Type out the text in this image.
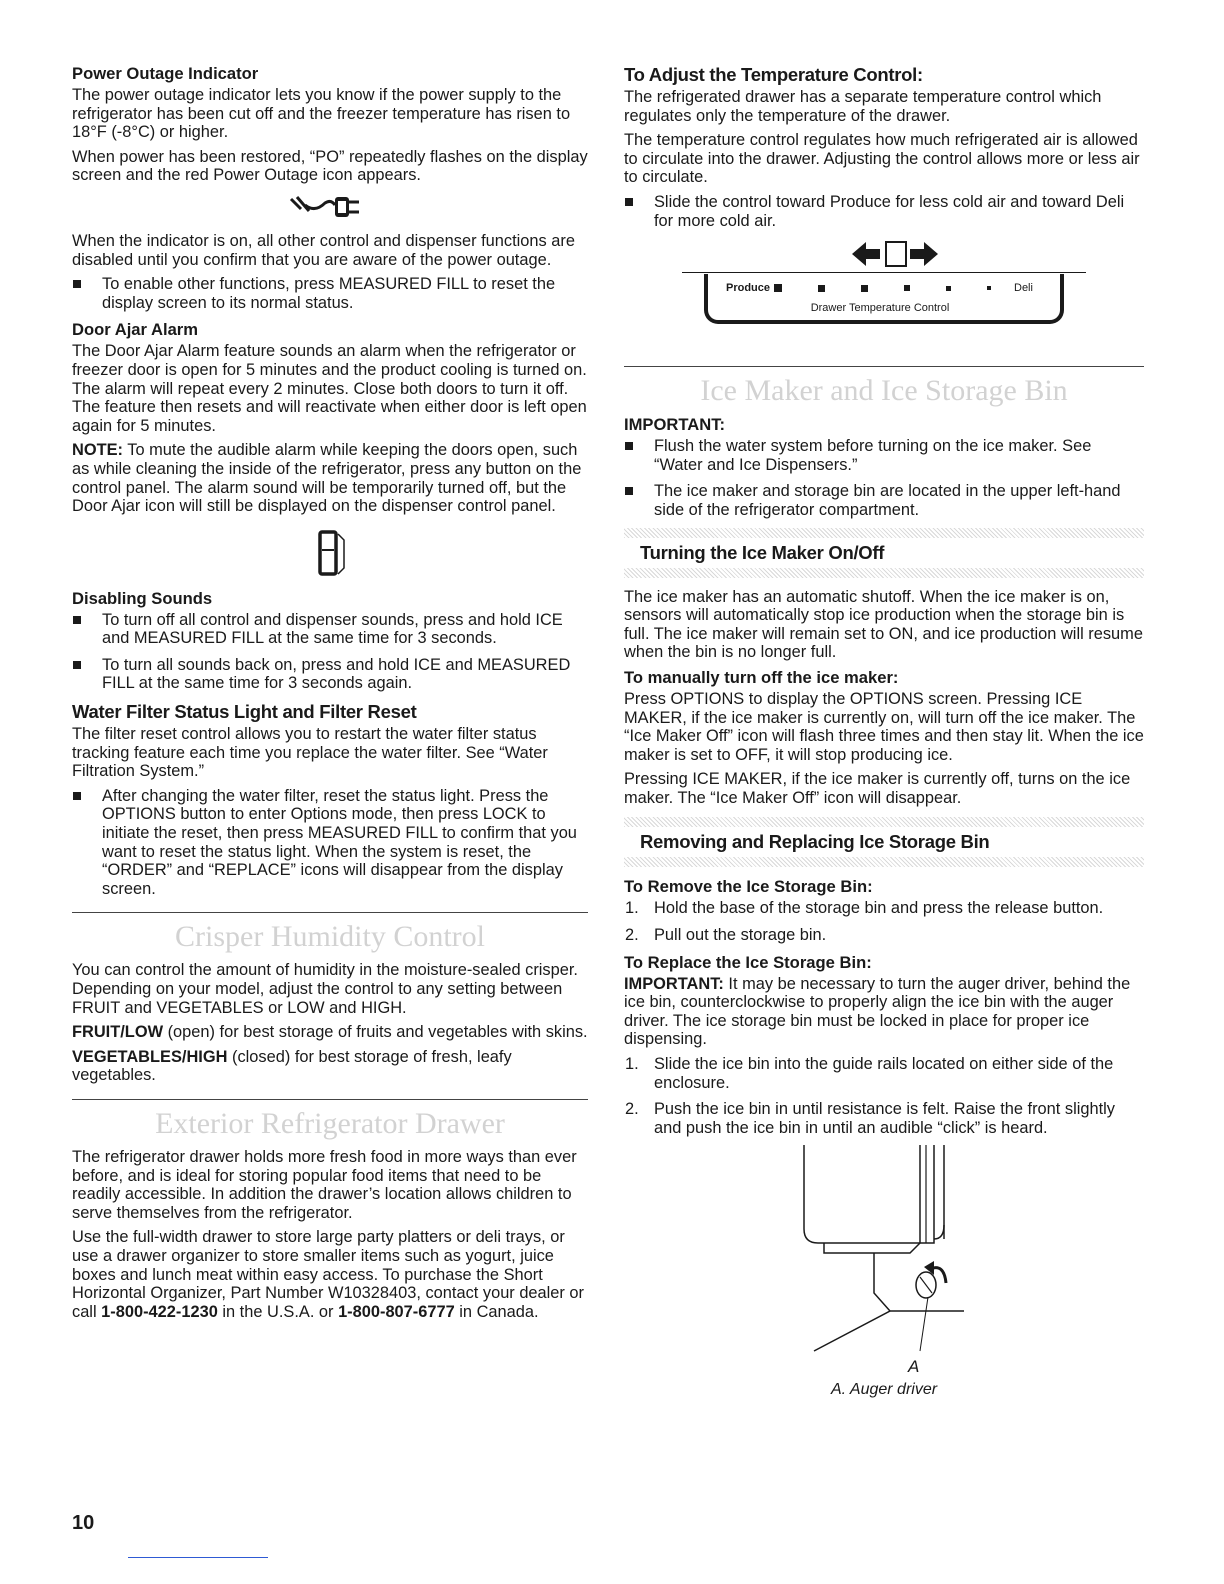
Power Outage Indicator

The power outage indicator lets you know if the power supply to the refrigerator has been cut off and the freezer temperature has risen to 18°F (-8°C) or higher.

When power has been restored, “PO” repeatedly flashes on the display screen and the red Power Outage icon appears.

When the indicator is on, all other control and dispenser functions are disabled until you confirm that you are aware of the power outage.

To enable other functions, press MEASURED FILL to reset the display screen to its normal status.
Door Ajar Alarm

The Door Ajar Alarm feature sounds an alarm when the refrigerator or freezer door is open for 5 minutes and the product cooling is turned on. The alarm will repeat every 2 minutes. Close both doors to turn it off. The feature then resets and will reactivate when either door is left open again for 5 minutes.

NOTE: To mute the audible alarm while keeping the doors open, such as while cleaning the inside of the refrigerator, press any button on the control panel. The alarm sound will be temporarily turned off, but the Door Ajar icon will still be displayed on the dispenser control panel.

Disabling Sounds
To turn off all control and dispenser sounds, press and hold ICE and MEASURED FILL at the same time for 3 seconds.
To turn all sounds back on, press and hold ICE and MEASURED FILL at the same time for 3 seconds again.
Water Filter Status Light and Filter Reset

The filter reset control allows you to restart the water filter status tracking feature each time you replace the water filter. See “Water Filtration System.”

After changing the water filter, reset the status light. Press the OPTIONS button to enter Options mode, then press LOCK to initiate the reset, then press MEASURED FILL to confirm that you want to reset the status light. When the system is reset, the “ORDER” and “REPLACE” icons will disappear from the display screen.
Crisper Humidity Control

You can control the amount of humidity in the moisture-sealed crisper. Depending on your model, adjust the control to any setting between FRUIT and VEGETABLES or LOW and HIGH.

FRUIT/LOW (open) for best storage of fruits and vegetables with skins.

VEGETABLES/HIGH (closed) for best storage of fresh, leafy vegetables.

Exterior Refrigerator Drawer

The refrigerator drawer holds more fresh food in more ways than ever before, and is ideal for storing popular food items that need to be readily accessible. In addition the drawer’s location allows children to serve themselves from the refrigerator.

Use the full-width drawer to store large party platters or deli trays, or use a drawer organizer to store smaller items such as yogurt, juice boxes and lunch meat within easy access. To purchase the Short Horizontal Organizer, Part Number W10328403, contact your dealer or call 1-800-422-1230 in the U.S.A. or 1-800-807-6777 in Canada.

To Adjust the Temperature Control:

The refrigerated drawer has a separate temperature control which regulates only the temperature of the drawer.

The temperature control regulates how much refrigerated air is allowed to circulate into the drawer. Adjusting the control allows more or less air to circulate.

Slide the control toward Produce for less cold air and toward Deli for more cold air.
Produce	Deli
Drawer Temperature Control
Ice Maker and Ice Storage Bin
IMPORTANT:
Flush the water system before turning on the ice maker. See “Water and Ice Dispensers.”
The ice maker and storage bin are located in the upper left-hand side of the refrigerator compartment.
Turning the Ice Maker On/Off

The ice maker has an automatic shutoff. When the ice maker is on, sensors will automatically stop ice production when the storage bin is full. The ice maker will remain set to ON, and ice production will resume when the bin is no longer full.

To manually turn off the ice maker:

Press OPTIONS to display the OPTIONS screen. Pressing ICE MAKER, if the ice maker is currently on, will turn off the ice maker. The “Ice Maker Off” icon will flash three times and then stay lit. When the ice maker is set to OFF, it will stop producing ice.

Pressing ICE MAKER, if the ice maker is currently off, turns on the ice maker. The “Ice Maker Off” icon will disappear.

Removing and Replacing Ice Storage Bin
To Remove the Ice Storage Bin:
1. Hold the base of the storage bin and press the release button.
2. Pull out the storage bin.
To Replace the Ice Storage Bin:

IMPORTANT: It may be necessary to turn the auger driver, behind the ice bin, counterclockwise to properly align the ice bin with the auger driver. The ice storage bin must be locked in place for proper ice dispensing.

1. Slide the ice bin into the guide rails located on either side of the enclosure.
2. Push the ice bin in until resistance is felt. Raise the front slightly and push the ice bin in until an audible “click” is heard.
A
A. Auger driver
10
